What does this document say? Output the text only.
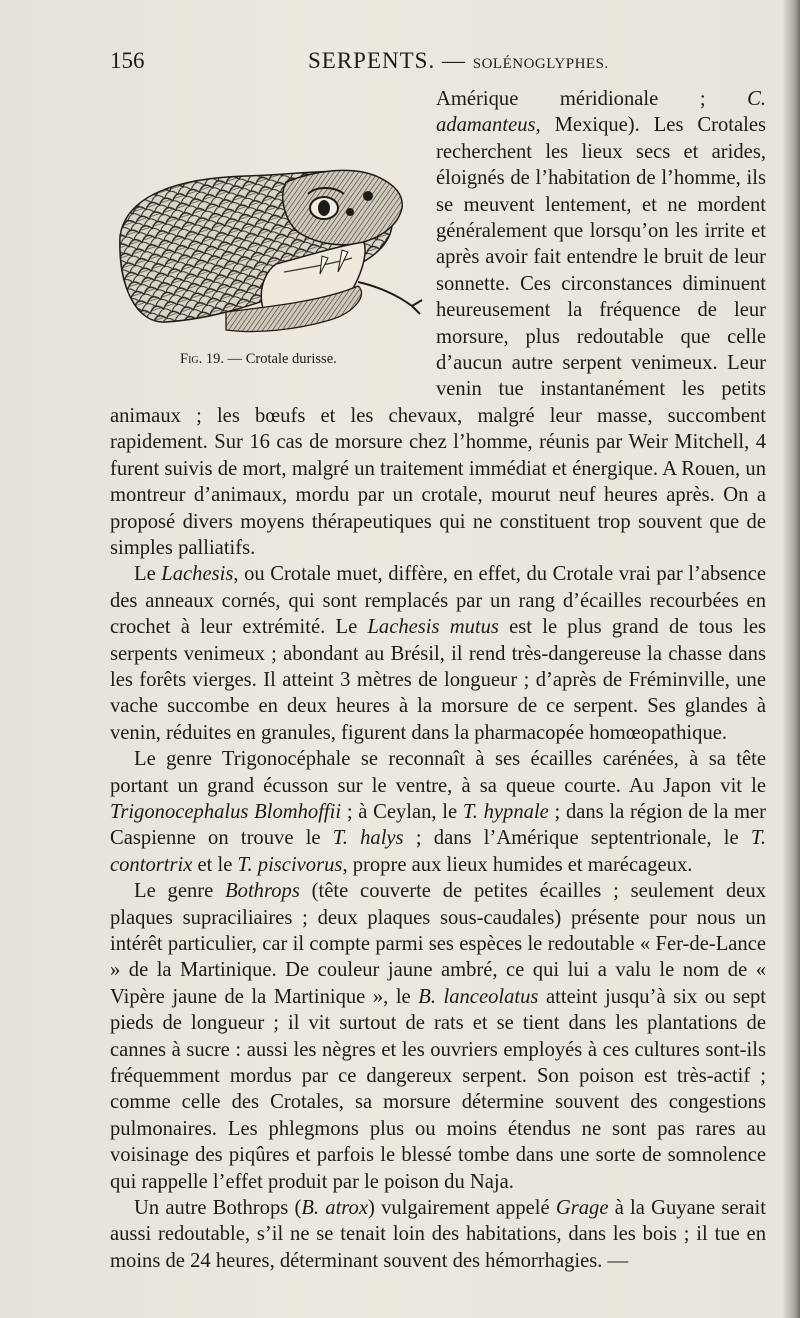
156	SERPENTS. — SOLÉNOGLYPHES.
Fig. 19. — Crotale durisse.

Amérique méridionale ; C. adamanteus, Mexique). Les Crotales recherchent les lieux secs et arides, éloignés de l’habitation de l’homme, ils se meuvent lentement, et ne mordent généralement que lorsqu’on les irrite et après avoir fait entendre le bruit de leur sonnette. Ces circonstances diminuent heureusement la fréquence de leur morsure, plus redoutable que celle d’aucun autre serpent venimeux. Leur venin tue instantanément les petits animaux ; les bœufs et les chevaux, malgré leur masse, succombent rapidement. Sur 16 cas de morsure chez l’homme, réunis par Weir Mitchell, 4 furent suivis de mort, malgré un traitement immédiat et énergique. A Rouen, un montreur d’animaux, mordu par un crotale, mourut neuf heures après. On a proposé divers moyens thérapeutiques qui ne constituent trop souvent que de simples palliatifs.

Le Lachesis, ou Crotale muet, diffère, en effet, du Crotale vrai par l’absence des anneaux cornés, qui sont remplacés par un rang d’écailles recourbées en crochet à leur extrémité. Le Lachesis mutus est le plus grand de tous les serpents venimeux ; abondant au Brésil, il rend très-dangereuse la chasse dans les forêts vierges. Il atteint 3 mètres de longueur ; d’après de Fréminville, une vache succombe en deux heures à la morsure de ce serpent. Ses glandes à venin, réduites en granules, figurent dans la pharmacopée homœopathique.

Le genre Trigonocéphale se reconnaît à ses écailles carénées, à sa tête portant un grand écusson sur le ventre, à sa queue courte. Au Japon vit le Trigonocephalus Blomhoffii ; à Ceylan, le T. hypnale ; dans la région de la mer Caspienne on trouve le T. halys ; dans l’Amérique septentrionale, le T. contortrix et le T. piscivorus, propre aux lieux humides et marécageux.

Le genre Bothrops (tête couverte de petites écailles ; seulement deux plaques supraciliaires ; deux plaques sous-caudales) présente pour nous un intérêt particulier, car il compte parmi ses espèces le redoutable « Fer-de-Lance » de la Martinique. De couleur jaune ambré, ce qui lui a valu le nom de « Vipère jaune de la Martinique », le B. lanceolatus atteint jusqu’à six ou sept pieds de longueur ; il vit surtout de rats et se tient dans les plantations de cannes à sucre : aussi les nègres et les ouvriers employés à ces cultures sont-ils fréquemment mordus par ce dangereux serpent. Son poison est très-actif ; comme celle des Crotales, sa morsure détermine souvent des congestions pulmonaires. Les phlegmons plus ou moins étendus ne sont pas rares au voisinage des piqûres et parfois le blessé tombe dans une sorte de somnolence qui rappelle l’effet produit par le poison du Naja.

Un autre Bothrops (B. atrox) vulgairement appelé Grage à la Guyane serait aussi redoutable, s’il ne se tenait loin des habitations, dans les bois ; il tue en moins de 24 heures, déterminant souvent des hémorrhagies. —
